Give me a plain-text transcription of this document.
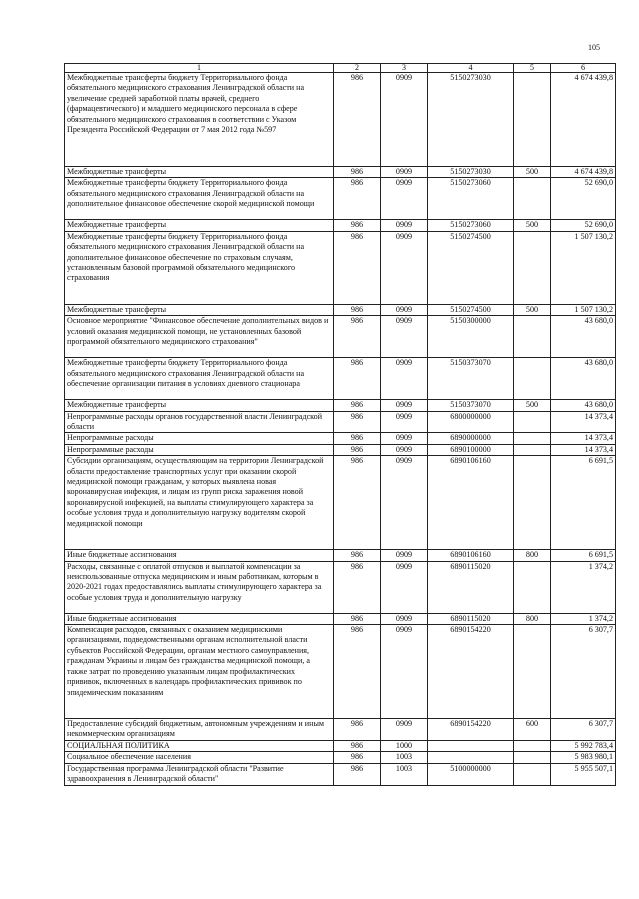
105
1	2	3	4	5	6
Межбюджетные трансферты бюджету Территориального фонда обязательного медицинского страхования Ленинградской области на увеличение средней заработной платы врачей, среднего (фармацевтического) и младшего медицинского персонала в сфере обязательного медицинского страхования в соответствии с Указом Президента Российской Федерации от 7 мая 2012 года №597	986	0909	5150273030		4 674 439,8
Межбюджетные трансферты	986	0909	5150273030	500	4 674 439,8
Межбюджетные трансферты бюджету Территориального фонда обязательного медицинского страхования Ленинградской области на дополнительное финансовое обеспечение скорой медицинской помощи	986	0909	5150273060		52 690,0
Межбюджетные трансферты	986	0909	5150273060	500	52 690,0
Межбюджетные трансферты бюджету Территориального фонда обязательного медицинского страхования Ленинградской области на дополнительное финансовое обеспечение по страховым случаям, установленным базовой программой обязательного медицинского страхования	986	0909	5150274500		1 507 130,2
Межбюджетные трансферты	986	0909	5150274500	500	1 507 130,2
Основное мероприятие "Финансовое обеспечение дополнительных видов и условий оказания медицинской помощи, не установленных базовой программой обязательного медицинского страхования"	986	0909	5150300000		43 680,0
Межбюджетные трансферты бюджету Территориального фонда обязательного медицинского страхования Ленинградской области на обеспечение организации питания в условиях дневного стационара	986	0909	5150373070		43 680,0
Межбюджетные трансферты	986	0909	5150373070	500	43 680,0
Непрограммные расходы органов государственной власти Ленинградской области	986	0909	6800000000		14 373,4
Непрограммные расходы	986	0909	6890000000		14 373,4
Непрограммные расходы	986	0909	6890100000		14 373,4
Субсидии организациям, осуществляющим на территории Ленинградской области предоставление транспортных услуг при оказании скорой медицинской помощи гражданам, у которых выявлена новая коронавирусная инфекция, и лицам из групп риска заражения новой коронавирусной инфекцией, на выплаты стимулирующего характера за особые условия труда и дополнительную нагрузку водителям скорой медицинской помощи	986	0909	6890106160		6 691,5
Иные бюджетные ассигнования	986	0909	6890106160	800	6 691,5
Расходы, связанные с оплатой отпусков и выплатой компенсации за неиспользованные отпуска медицинским и иным работникам, которым в 2020-2021 годах предоставлялись выплаты стимулирующего характера за особые условия труда и дополнительную нагрузку	986	0909	6890115020		1 374,2
Иные бюджетные ассигнования	986	0909	6890115020	800	1 374,2
Компенсация расходов, связанных с оказанием медицинскими организациями, подведомственными органам исполнительной власти субъектов Российской Федерации, органам местного самоуправления, гражданам Украины и лицам без гражданства медицинской помощи, а также затрат по проведению указанным лицам профилактических прививок, включенных в календарь профилактических прививок по эпидемическим показаниям	986	0909	6890154220		6 307,7
Предоставление субсидий бюджетным, автономным учреждениям и иным некоммерческим организациям	986	0909	6890154220	600	6 307,7
СОЦИАЛЬНАЯ ПОЛИТИКА	986	1000			5 992 783,4
Социальное обеспечение населения	986	1003			5 983 980,1
Государственная программа Ленинградской области "Развитие здравоохранения в Ленинградской области"	986	1003	5100000000		5 955 507,1
